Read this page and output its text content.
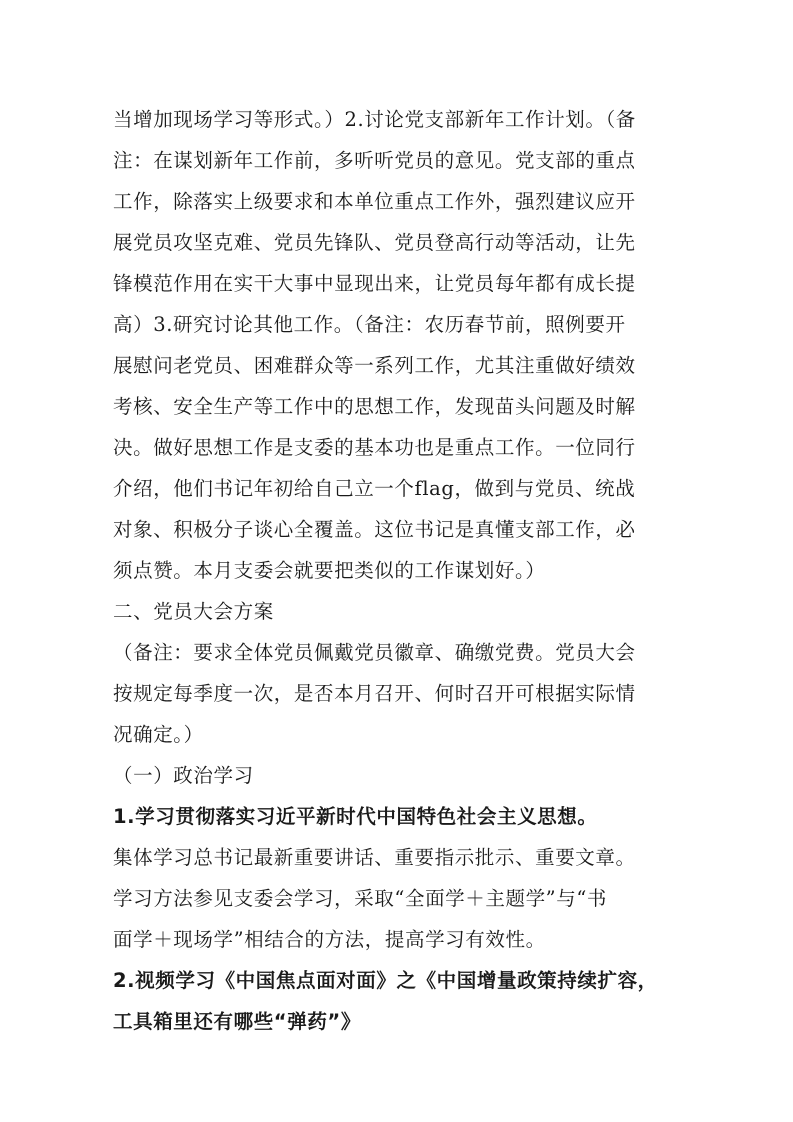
当增加现场学习等形式。）2.讨论党支部新年工作计划。（备
注：在谋划新年工作前，多听听党员的意见。党支部的重点
工作，除落实上级要求和本单位重点工作外，强烈建议应开
展党员攻坚克难、党员先锋队、党员登高行动等活动，让先
锋模范作用在实干大事中显现出来，让党员每年都有成长提
高）3.研究讨论其他工作。（备注：农历春节前，照例要开
展慰问老党员、困难群众等一系列工作，尤其注重做好绩效
考核、安全生产等工作中的思想工作，发现苗头问题及时解
决。做好思想工作是支委的基本功也是重点工作。一位同行
介绍，他们书记年初给自己立一个flag，做到与党员、统战
对象、积极分子谈心全覆盖。这位书记是真懂支部工作，必
须点赞。本月支委会就要把类似的工作谋划好。）
二、党员大会方案
（备注：要求全体党员佩戴党员徽章、确缴党费。党员大会
按规定每季度一次，是否本月召开、何时召开可根据实际情
况确定。）
（一）政治学习
1.学习贯彻落实习近平新时代中国特色社会主义思想。
集体学习总书记最新重要讲话、重要指示批示、重要文章。
学习方法参见支委会学习，采取“全面学＋主题学”与“书
面学＋现场学”相结合的方法，提高学习有效性。
2.视频学习《中国焦点面对面》之《中国增量政策持续扩容，
工具箱里还有哪些“弹药”》
